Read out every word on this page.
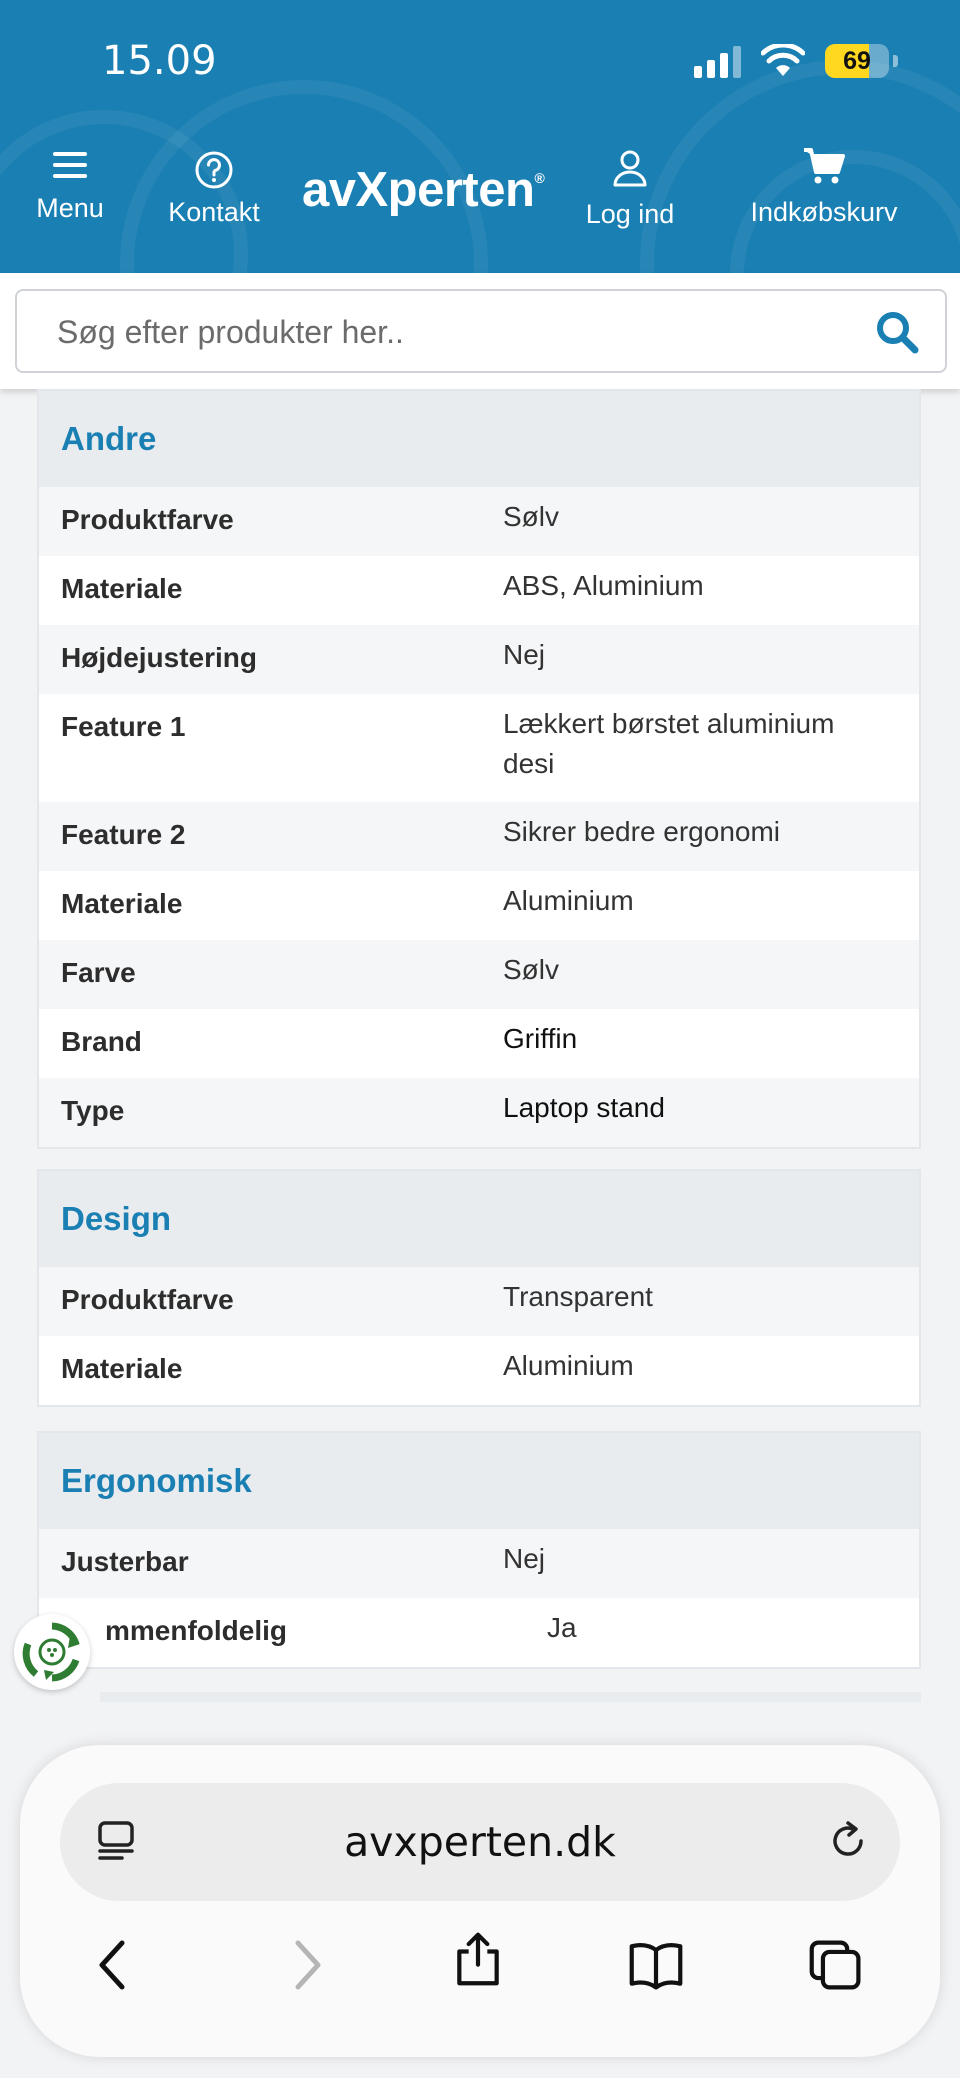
15.09	69
Menu Kontakt avXperten®
Log ind	Indkøbskurv
Søg efter produkter her..
Andre
Produktfarve	Sølv
Materiale	ABS, Aluminium
Højdejustering	Nej
Feature 1	Lækkert børstet aluminium desi
Feature 2	Sikrer bedre ergonomi
Materiale	Aluminium
Farve	Sølv
Brand	Griffin
Type	Laptop stand
Design
Produktfarve	Transparent
Materiale	Aluminium
Ergonomisk
Justerbar	Nej
mmenfoldelig	Ja
avxperten.dk
